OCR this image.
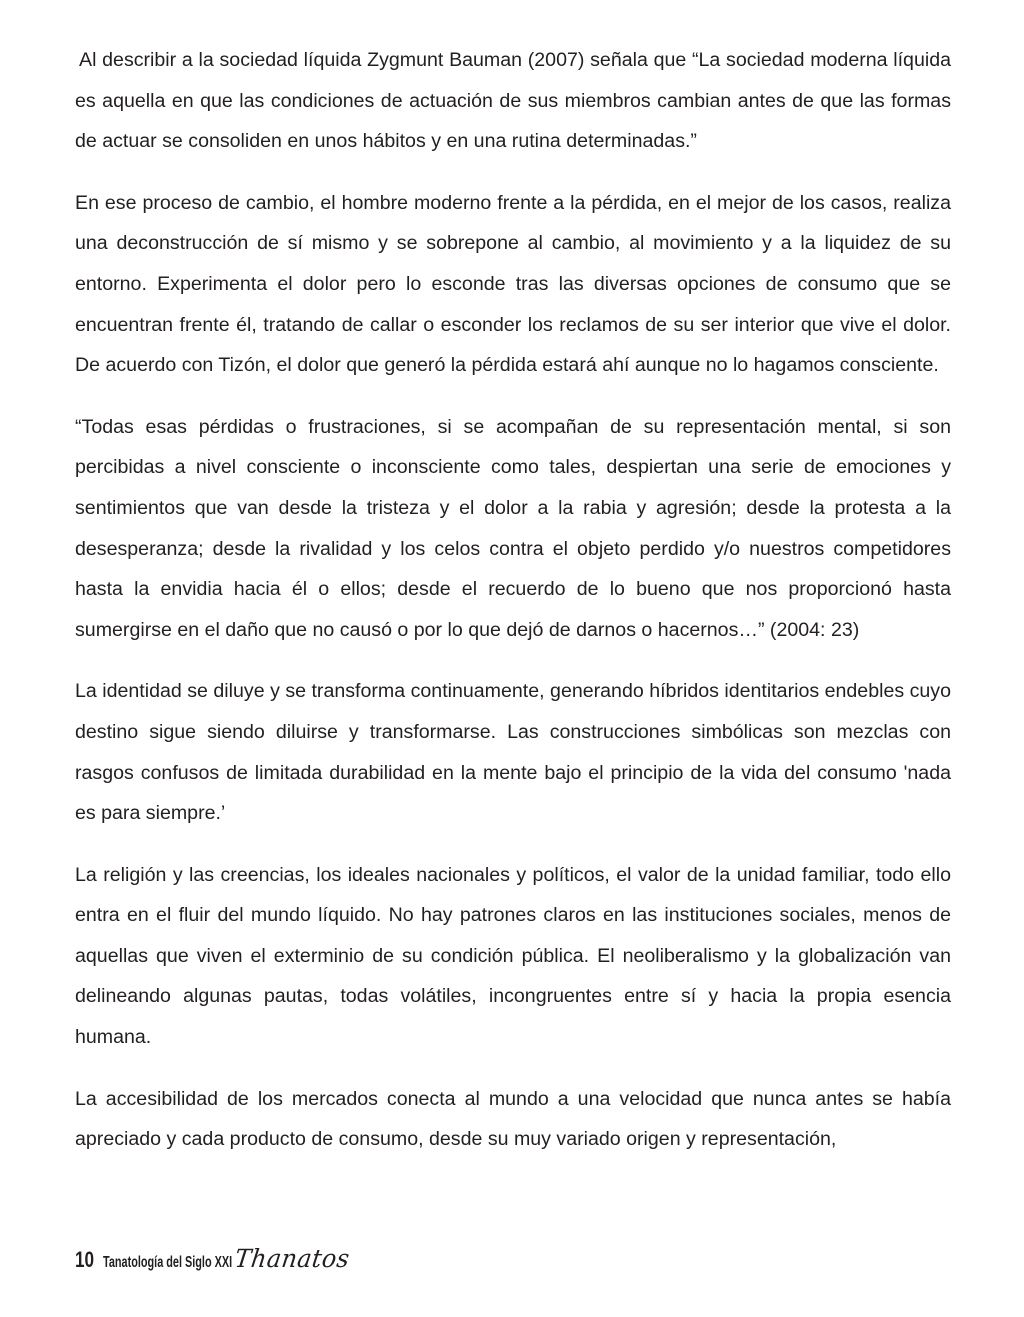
Al describir a la sociedad líquida Zygmunt Bauman (2007) señala que “La sociedad moderna líquida es aquella en que las condiciones de actuación de sus miembros cambian antes de que las formas de actuar se consoliden en unos hábitos y en una rutina determinadas.”

En ese proceso de cambio, el hombre moderno frente a la pérdida, en el mejor de los casos, realiza una deconstrucción de sí mismo y se sobrepone al cambio, al movimiento y a la liquidez de su entorno. Experimenta el dolor pero lo esconde tras las diversas opciones de consumo que se encuentran frente él, tratando de callar o esconder los reclamos de su ser interior que vive el dolor. De acuerdo con Tizón, el dolor que generó la pérdida estará ahí aunque no lo hagamos consciente.

“Todas esas pérdidas o frustraciones, si se acompañan de su representación mental, si son percibidas a nivel consciente o inconsciente como tales, despiertan una serie de emociones y sentimientos que van desde la tristeza y el dolor a la rabia y agresión; desde la protesta a la desesperanza; desde la rivalidad y los celos contra el objeto perdido y/o nuestros competidores hasta la envidia hacia él o ellos; desde el recuerdo de lo bueno que nos proporcionó hasta sumergirse en el daño que no causó o por lo que dejó de darnos o hacernos…” (2004: 23)

La identidad se diluye y se transforma continuamente, generando híbridos identitarios endebles cuyo destino sigue siendo diluirse y transformarse. Las construcciones simbólicas son mezclas con rasgos confusos de limitada durabilidad en la mente bajo el principio de la vida del consumo 'nada es para siempre.’

La religión y las creencias, los ideales nacionales y políticos, el valor de la unidad familiar, todo ello entra en el fluir del mundo líquido. No hay patrones claros en las instituciones sociales, menos de aquellas que viven el exterminio de su condición pública. El neoliberalismo y la globalización van delineando algunas pautas, todas volátiles, incongruentes entre sí y hacia la propia esencia humana.

La accesibilidad de los mercados conecta al mundo a una velocidad que nunca antes se había apreciado y cada producto de consumo, desde su muy variado origen y representación,

10 Tanatología del Siglo XXI Thanatos
